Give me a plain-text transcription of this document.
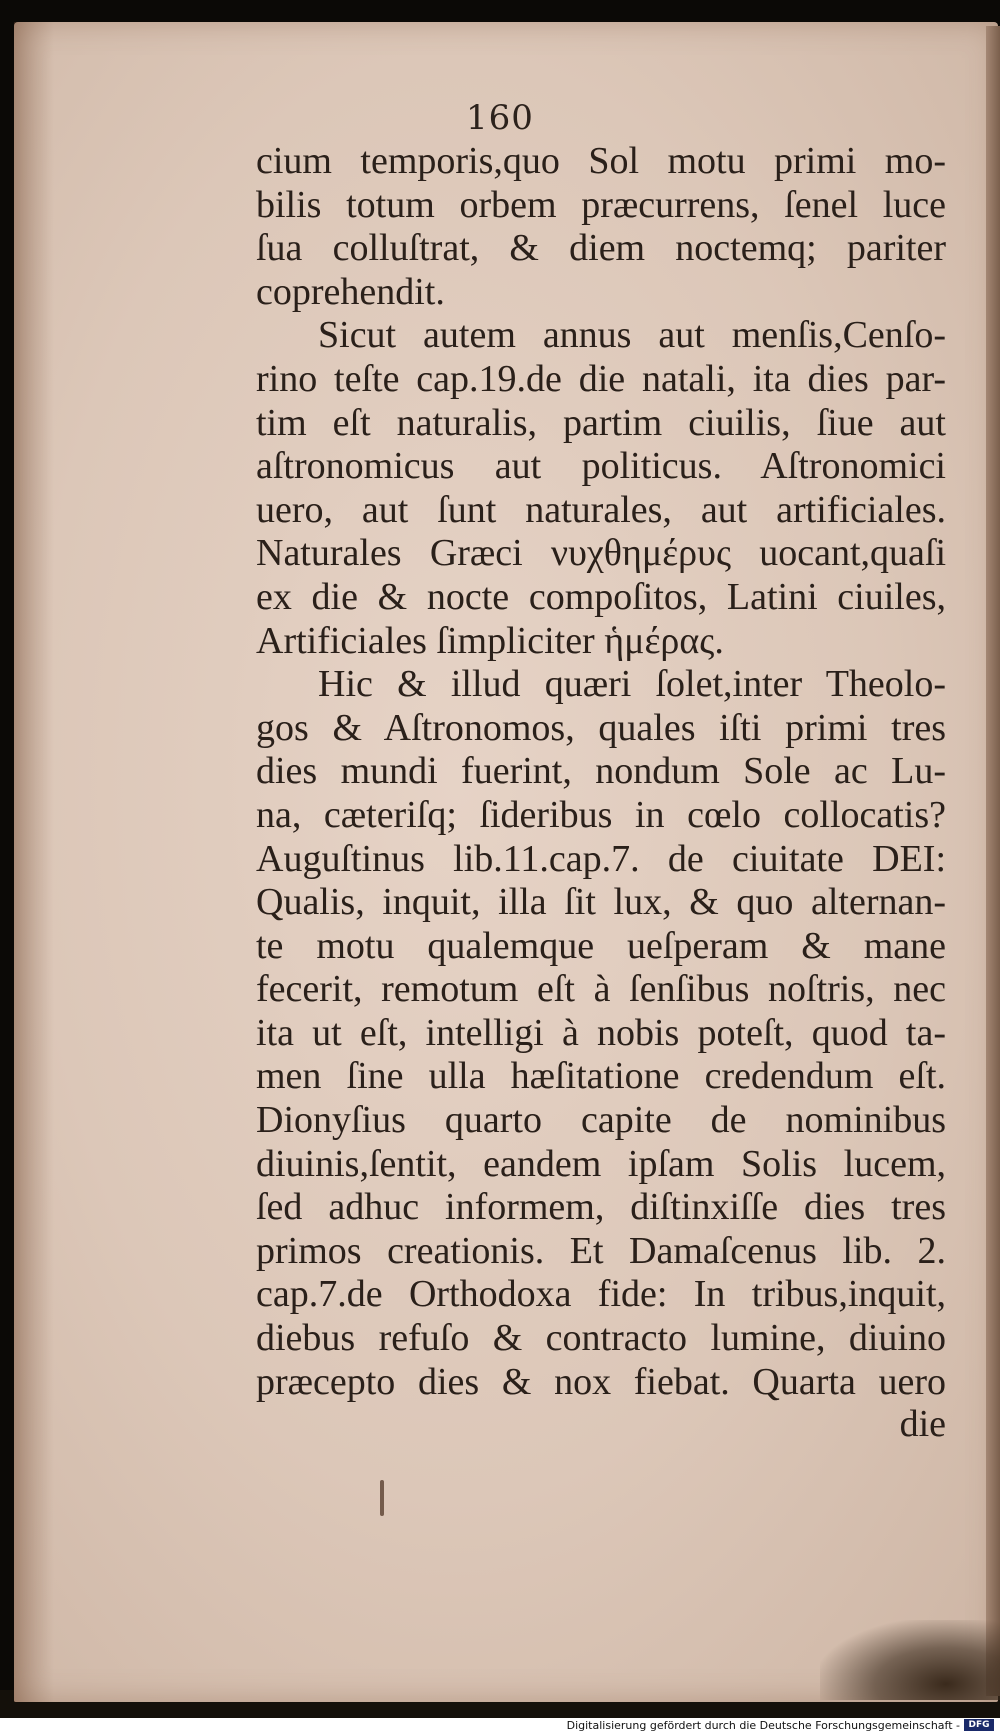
160
cium temporis,quo Sol motu primi mo-
bilis totum orbem præcurrens, ſenel luce
ſua colluſtrat, & diem noctemq; pariter
coprehendit.
Sicut autem annus aut menſis,Cenſo-
rino teſte cap.19.de die natali, ita dies par-
tim eſt naturalis, partim ciuilis, ſiue aut
aſtronomicus aut politicus. Aſtronomici
uero, aut ſunt naturales, aut artificiales.
Naturales Græci νυχθημέρυς uocant,quaſi
ex die & nocte compoſitos, Latini ciuiles,
Artificiales ſimpliciter ἡμέρας.
Hic & illud quæri ſolet,inter Theolo-
gos & Aſtronomos, quales iſti primi tres
dies mundi fuerint, nondum Sole ac Lu-
na, cæteriſq; ſideribus in cœlo collocatis?
Auguſtinus lib.11.cap.7. de ciuitate DEI:
Qualis, inquit, illa ſit lux, & quo alternan-
te motu qualemque ueſperam & mane
fecerit, remotum eſt à ſenſibus noſtris, nec
ita ut eſt, intelligi à nobis poteſt, quod ta-
men ſine ulla hæſitatione credendum eſt.
Dionyſius quarto capite de nominibus
diuinis,ſentit, eandem ipſam Solis lucem,
ſed adhuc informem, diſtinxiſſe dies tres
primos creationis. Et Damaſcenus lib. 2.
cap.7.de Orthodoxa fide: In tribus,inquit,
diebus refuſo & contracto lumine, diuino
præcepto dies & nox fiebat. Quarta uero
die
Digitalisierung gefördert durch die Deutsche Forschungsgemeinschaft - DFG
